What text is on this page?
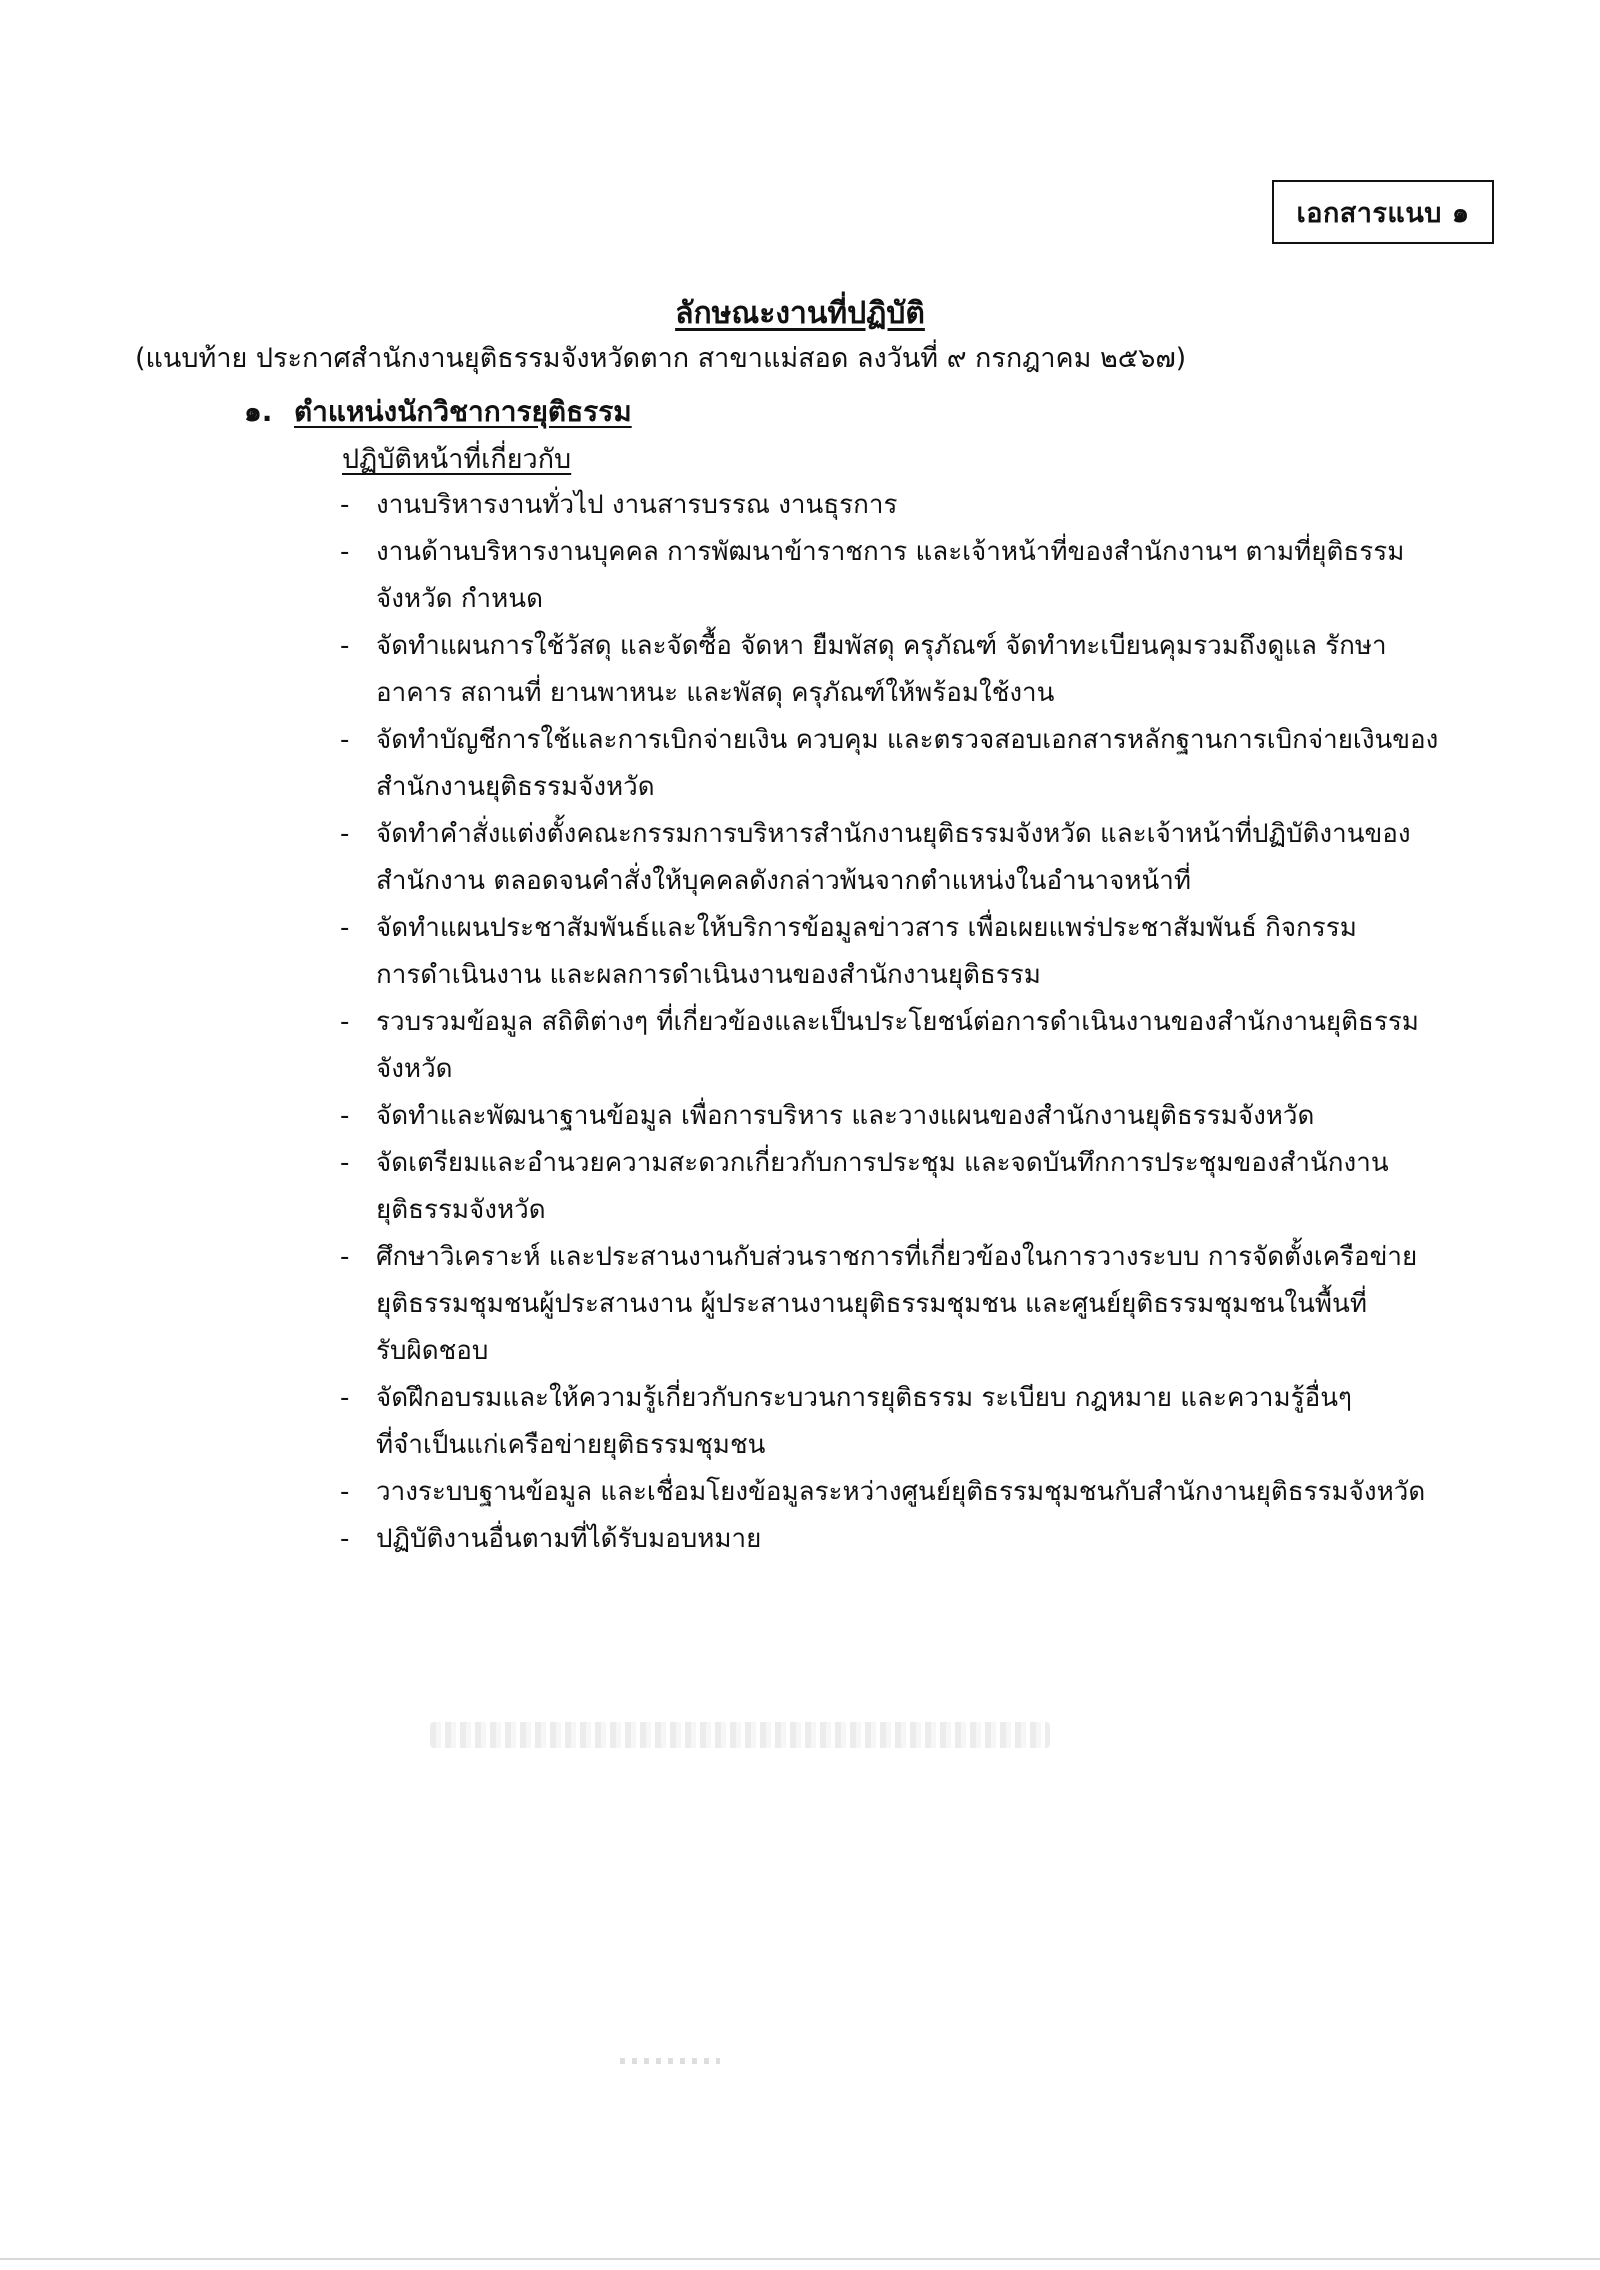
เอกสารแนบ ๑
ลักษณะงานที่ปฏิบัติ
(แนบท้าย ประกาศสำนักงานยุติธรรมจังหวัดตาก สาขาแม่สอด ลงวันที่ ๙ กรกฎาคม ๒๕๖๗)
๑. ตำแหน่งนักวิชาการยุติธรรม
ปฏิบัติหน้าที่เกี่ยวกับ
- งานบริหารงานทั่วไป งานสารบรรณ งานธุรการ
- งานด้านบริหารงานบุคคล การพัฒนาข้าราชการ และเจ้าหน้าที่ของสำนักงานฯ ตามที่ยุติธรรม
จังหวัด กำหนด
- จัดทำแผนการใช้วัสดุ และจัดซื้อ จัดหา ยืมพัสดุ ครุภัณฑ์ จัดทำทะเบียนคุมรวมถึงดูแล รักษา
อาคาร สถานที่ ยานพาหนะ และพัสดุ ครุภัณฑ์ให้พร้อมใช้งาน
- จัดทำบัญชีการใช้และการเบิกจ่ายเงิน ควบคุม และตรวจสอบเอกสารหลักฐานการเบิกจ่ายเงินของ
สำนักงานยุติธรรมจังหวัด
- จัดทำคำสั่งแต่งตั้งคณะกรรมการบริหารสำนักงานยุติธรรมจังหวัด และเจ้าหน้าที่ปฏิบัติงานของ
สำนักงาน ตลอดจนคำสั่งให้บุคคลดังกล่าวพ้นจากตำแหน่งในอำนาจหน้าที่
- จัดทำแผนประชาสัมพันธ์และให้บริการข้อมูลข่าวสาร เพื่อเผยแพร่ประชาสัมพันธ์ กิจกรรม
การดำเนินงาน และผลการดำเนินงานของสำนักงานยุติธรรม
- รวบรวมข้อมูล สถิติต่างๆ ที่เกี่ยวข้องและเป็นประโยชน์ต่อการดำเนินงานของสำนักงานยุติธรรม
จังหวัด
- จัดทำและพัฒนาฐานข้อมูล เพื่อการบริหาร และวางแผนของสำนักงานยุติธรรมจังหวัด
- จัดเตรียมและอำนวยความสะดวกเกี่ยวกับการประชุม และจดบันทึกการประชุมของสำนักงาน
ยุติธรรมจังหวัด
- ศึกษาวิเคราะห์ และประสานงานกับส่วนราชการที่เกี่ยวข้องในการวางระบบ การจัดตั้งเครือข่าย
ยุติธรรมชุมชนผู้ประสานงาน ผู้ประสานงานยุติธรรมชุมชน และศูนย์ยุติธรรมชุมชนในพื้นที่
รับผิดชอบ
- จัดฝึกอบรมและให้ความรู้เกี่ยวกับกระบวนการยุติธรรม ระเบียบ กฎหมาย และความรู้อื่นๆ
ที่จำเป็นแก่เครือข่ายยุติธรรมชุมชน
- วางระบบฐานข้อมูล และเชื่อมโยงข้อมูลระหว่างศูนย์ยุติธรรมชุมชนกับสำนักงานยุติธรรมจังหวัด
- ปฏิบัติงานอื่นตามที่ได้รับมอบหมาย
